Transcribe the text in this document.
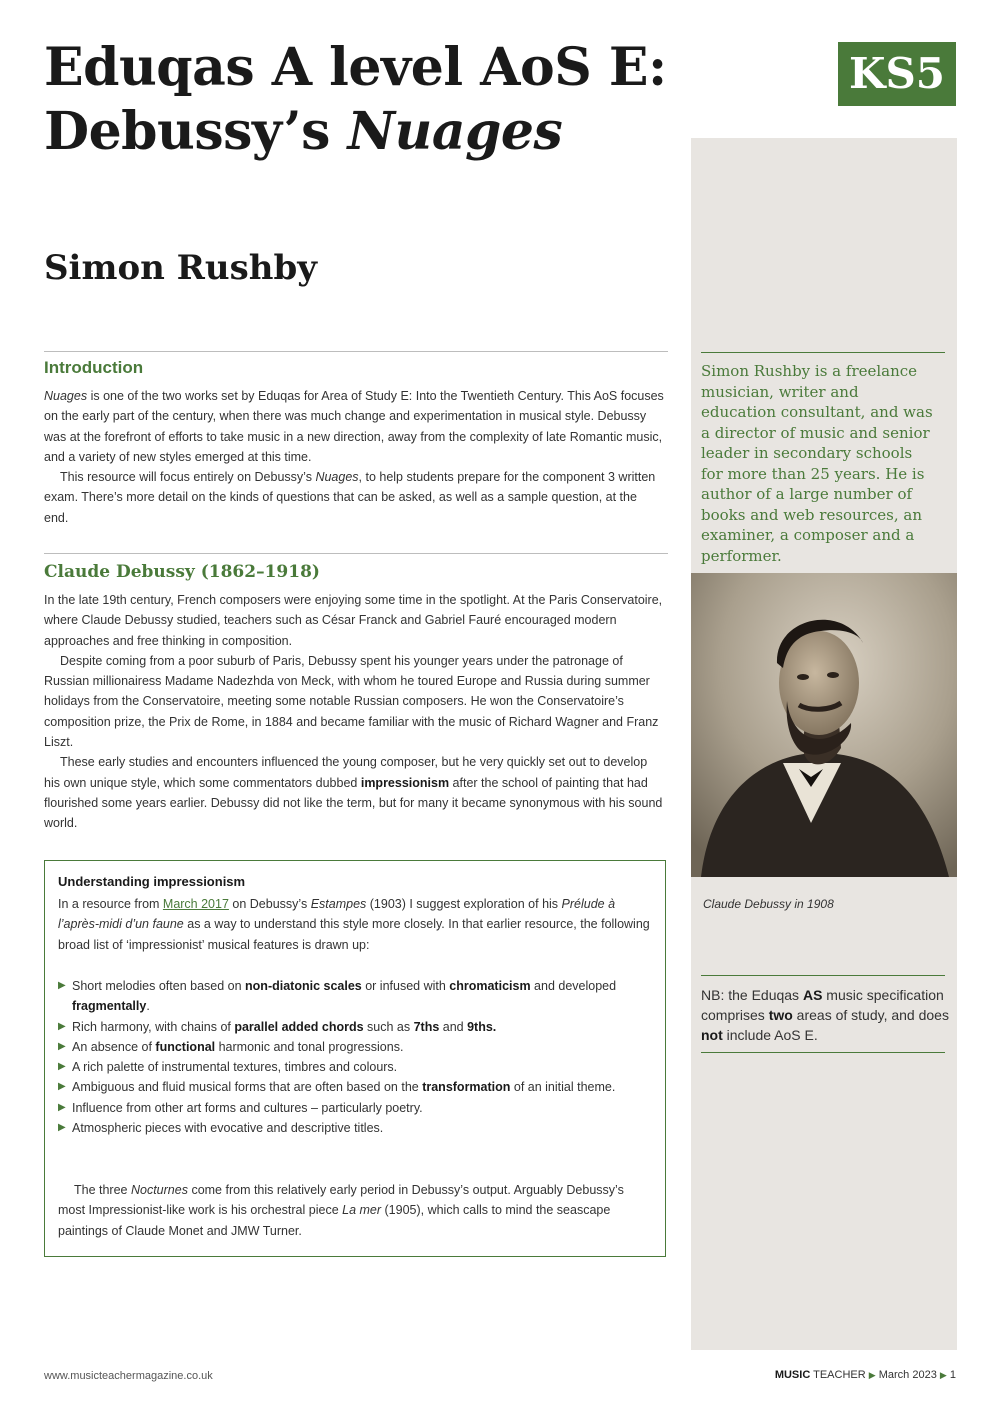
Eduqas A level AoS E:
Debussy’s Nuages
Simon Rushby
KS5
Simon Rushby is a freelance musician, writer and education consultant, and was a director of music and senior leader in secondary schools for more than 25 years. He is author of a large number of books and web resources, an examiner, a composer and a performer.
Claude Debussy in 1908
NB: the Eduqas AS music specification comprises two areas of study, and does not include AoS E.
Introduction

Nuages is one of the two works set by Eduqas for Area of Study E: Into the Twentieth Century. This AoS focuses on the early part of the century, when there was much change and experimentation in musical style. Debussy was at the forefront of efforts to take music in a new direction, away from the complexity of late Romantic music, and a variety of new styles emerged at this time.

This resource will focus entirely on Debussy’s Nuages, to help students prepare for the component 3 written exam. There’s more detail on the kinds of questions that can be asked, as well as a sample question, at the end.

Claude Debussy (1862–1918)

In the late 19th century, French composers were enjoying some time in the spotlight. At the Paris Conservatoire, where Claude Debussy studied, teachers such as César Franck and Gabriel Fauré encouraged modern approaches and free thinking in composition.

Despite coming from a poor suburb of Paris, Debussy spent his younger years under the patronage of Russian millionairess Madame Nadezhda von Meck, with whom he toured Europe and Russia during summer holidays from the Conservatoire, meeting some notable Russian composers. He won the Conservatoire’s composition prize, the Prix de Rome, in 1884 and became familiar with the music of Richard Wagner and Franz Liszt.

These early studies and encounters influenced the young composer, but he very quickly set out to develop his own unique style, which some commentators dubbed impressionism after the school of painting that had flourished some years earlier. Debussy did not like the term, but for many it became synonymous with his sound world.

Understanding impressionism

In a resource from March 2017 on Debussy’s Estampes (1903) I suggest exploration of his Prélude à l’après-midi d’un faune as a way to understand this style more closely. In that earlier resource, the following broad list of ‘impressionist’ musical features is drawn up:

▶ Short melodies often based on non-diatonic scales or infused with chromaticism and developed fragmentally.
▶ Rich harmony, with chains of parallel added chords such as 7ths and 9ths.
▶ An absence of functional harmonic and tonal progressions.
▶ A rich palette of instrumental textures, timbres and colours.
▶ Ambiguous and fluid musical forms that are often based on the transformation of an initial theme.
▶ Influence from other art forms and cultures – particularly poetry.
▶ Atmospheric pieces with evocative and descriptive titles.

The three Nocturnes come from this relatively early period in Debussy’s output. Arguably Debussy’s most Impressionist-like work is his orchestral piece La mer (1905), which calls to mind the seascape paintings of Claude Monet and JMW Turner.

www.musicteachermagazine.co.uk	MUSIC TEACHER ▶ March 2023 ▶ 1
